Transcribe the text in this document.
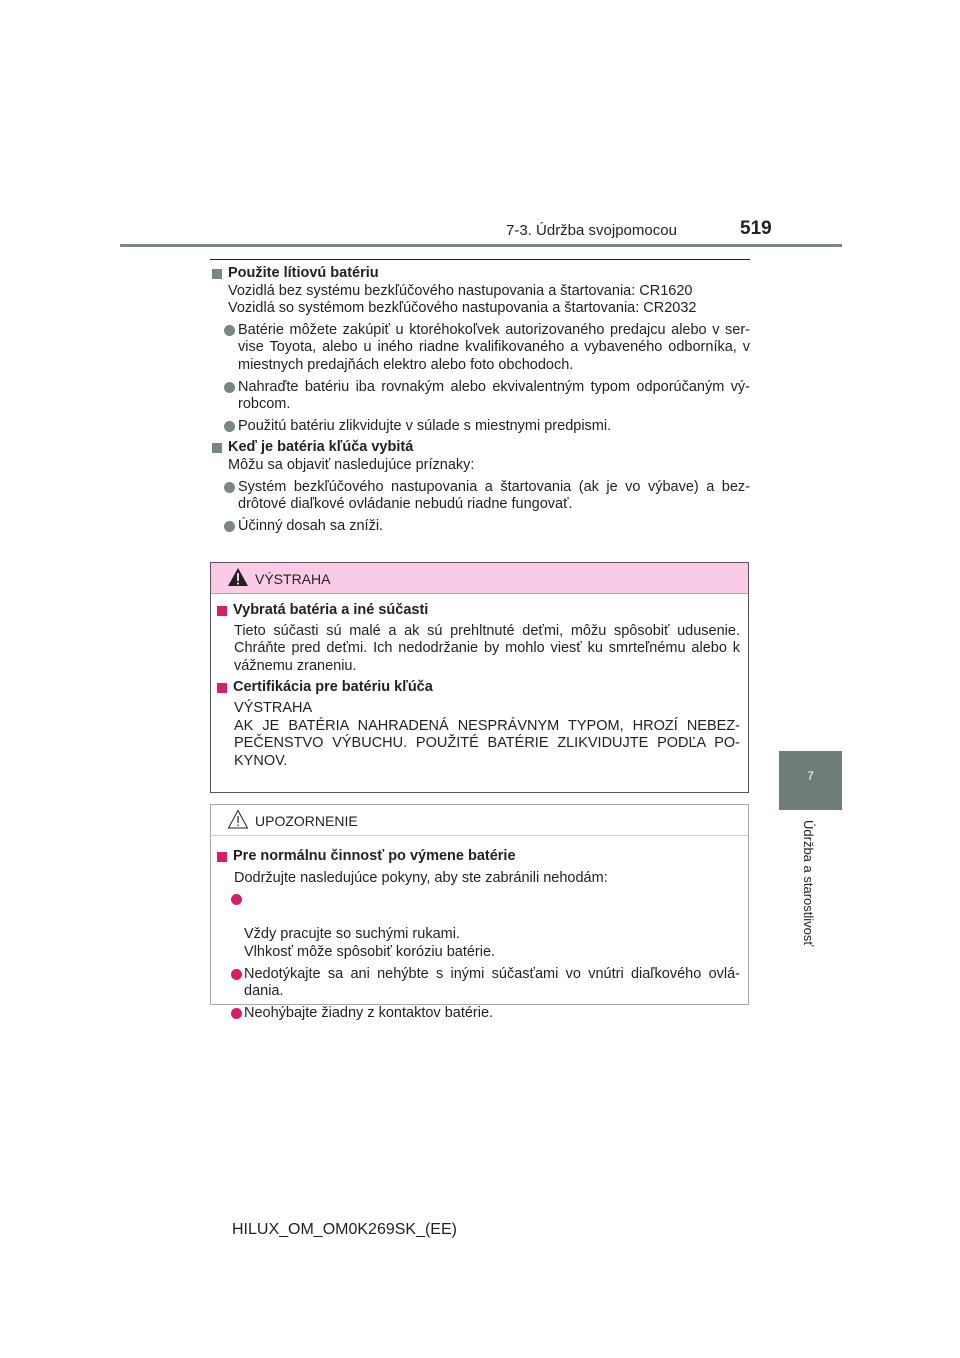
7-3. Údržba svojpomocou	519
7
Údržba a starostlivosť

Použite lítiovú batériu

Vozidlá bez systému bezkľúčového nastupovania a štartovania: CR1620

Vozidlá so systémom bezkľúčového nastupovania a štartovania: CR2032

Batérie môžete zakúpiť u ktoréhokoľvek autorizovaného predajcu alebo v ser-vise Toyota, alebo u iného riadne kvalifikovaného a vybaveného odborníka, v miestnych predajňách elektro alebo foto obchodoch.

Nahraďte batériu iba rovnakým alebo ekvivalentným typom odporúčaným vý-robcom.

Použitú batériu zlikvidujte v súlade s miestnymi predpismi.

Keď je batéria kľúča vybitá

Môžu sa objaviť nasledujúce príznaky:

Systém bezkľúčového nastupovania a štartovania (ak je vo výbave) a bez-drôtové diaľkové ovládanie nebudú riadne fungovať.

Účinný dosah sa zníži.

VÝSTRAHA

Vybratá batéria a iné súčasti

Tieto súčasti sú malé a ak sú prehltnuté deťmi, môžu spôsobiť udusenie. Chráňte pred deťmi. Ich nedodržanie by mohlo viesť ku smrteľnému alebo k vážnemu zraneniu.

Certifikácia pre batériu kľúča

VÝSTRAHA

AK JE BATÉRIA NAHRADENÁ NESPRÁVNYM TYPOM, HROZÍ NEBEZ-PEČENSTVO VÝBUCHU. POUŽITÉ BATÉRIE ZLIKVIDUJTE PODĽA PO-KYNOV.

UPOZORNENIE

Pre normálnu činnosť po výmene batérie

Dodržujte nasledujúce pokyny, aby ste zabránili nehodám:

Vždy pracujte so suchými rukami.
Vlhkosť môže spôsobiť koróziu batérie.

Nedotýkajte sa ani nehýbte s inými súčasťami vo vnútri diaľkového ovlá-dania.

Neohýbajte žiadny z kontaktov batérie.

HILUX_OM_OM0K269SK_(EE)
